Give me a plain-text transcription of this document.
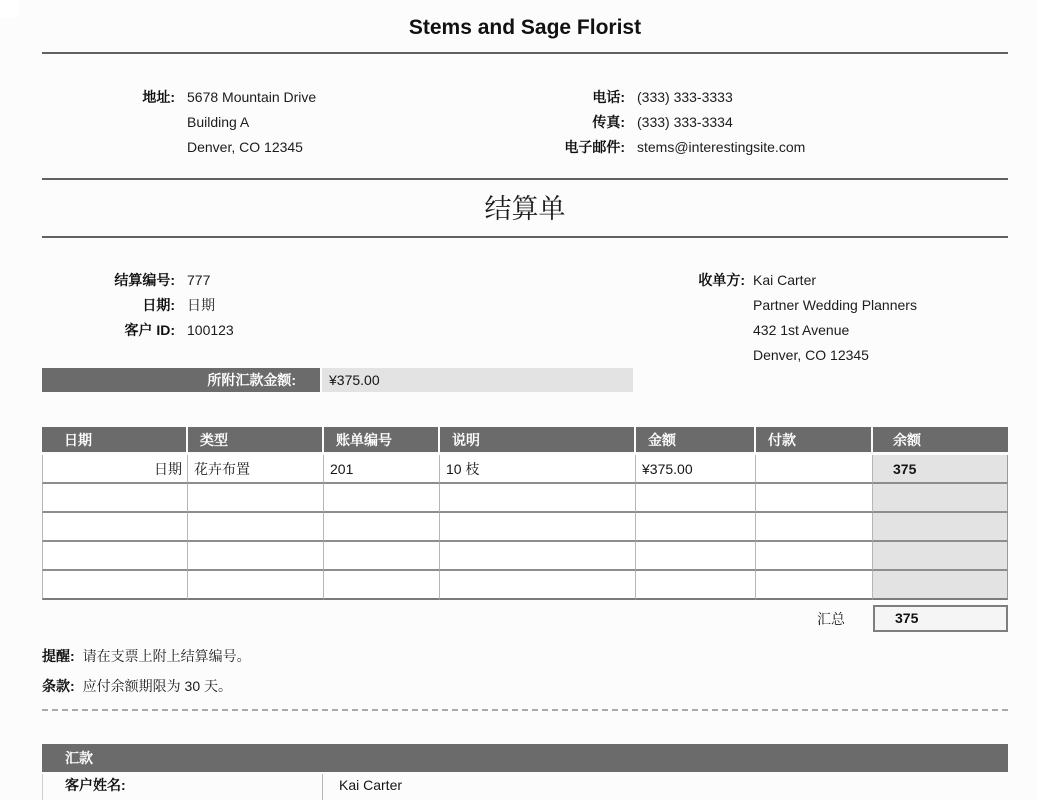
Stems and Sage Florist
地址: 5678 Mountain Drive
Building A
Denver, CO 12345
电话: (333) 333-3333
传真: (333) 333-3334
电子邮件: stems@interestingsite.com
结算单
结算编号: 777
日期: 日期
客户 ID: 100123
收单方: Kai Carter
Partner Wedding Planners
432 1st Avenue
Denver, CO 12345
所附汇款金额:	¥375.00
日期	类型	账单编号	说明	金额	付款	余额
日期	花卉布置	201	10 枝	¥375.00		375

汇总	375
提醒: 请在支票上附上结算编号。
条款: 应付余额期限为 30 天。
汇款
客户姓名:	Kai Carter
